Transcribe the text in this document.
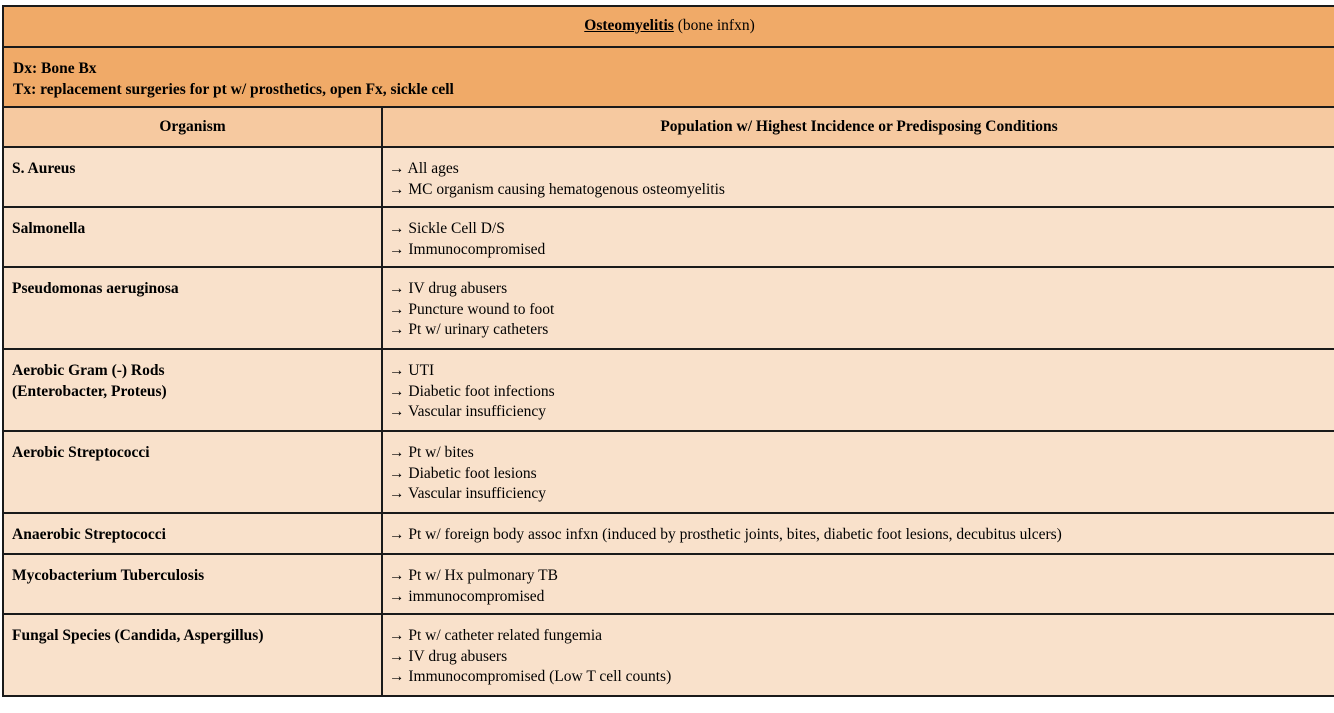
Osteomyelitis (bone infxn)	

Dx: Bone Bx
Tx: replacement surgeries for pt w/ prosthetics, open Fx, sickle cell	

Organism	Population w/ Highest Incidence or Predisposing Conditions

S. Aureus	→ All ages
→ MC organism causing hematogenous osteomyelitis

Salmonella	→ Sickle Cell D/S
→ Immunocompromised

Pseudomonas aeruginosa	→ IV drug abusers
→ Puncture wound to foot
→ Pt w/ urinary catheters

Aerobic Gram (-) Rods
(Enterobacter, Proteus)	→ UTI
→ Diabetic foot infections
→ Vascular insufficiency

Aerobic Streptococci	→ Pt w/ bites
→ Diabetic foot lesions
→ Vascular insufficiency

Anaerobic Streptococci	→ Pt w/ foreign body assoc infxn (induced by prosthetic joints, bites, diabetic foot lesions, decubitus ulcers)

Mycobacterium Tuberculosis	→ Pt w/ Hx pulmonary TB
→ immunocompromised

Fungal Species (Candida, Aspergillus)	→ Pt w/ catheter related fungemia
→ IV drug abusers
→ Immunocompromised (Low T cell counts)
